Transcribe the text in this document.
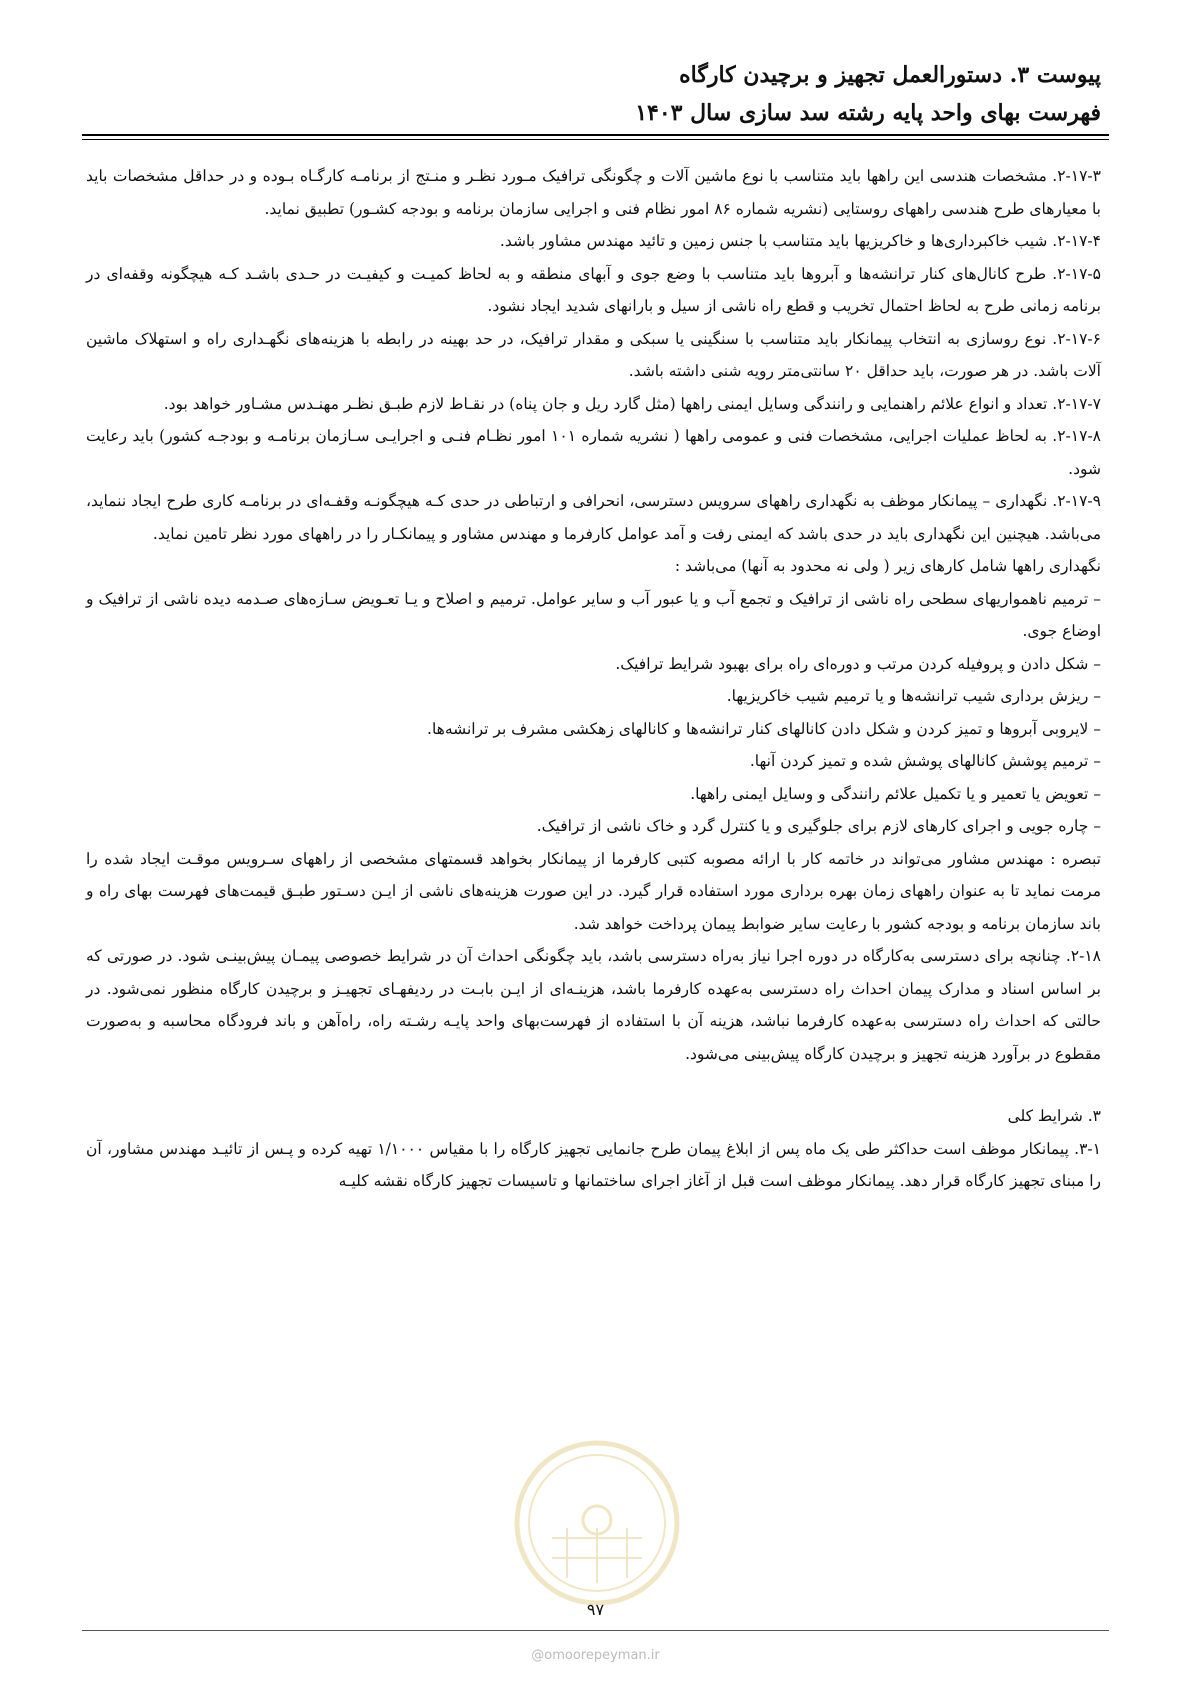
پیوست ۳. دستورالعمل تجهیز و برچیدن کارگاه
فهرست بهای واحد پایه رشته سد سازی سال ۱۴۰۳

۲-۱۷-۳. مشخصات هندسی این راهها باید متناسب با نوع ماشین آلات و چگونگی ترافیک مـورد نظـر و منـتج از برنامـه کارگـاه بـوده و در حداقل مشخصات باید با معیارهای طرح هندسی راههای روستایی (نشریه شماره ۸۶ امور نظام فنی و اجرایی سازمان برنامه و بودجه کشـور) تطبیق نماید.

۲-۱۷-۴. شیب خاکبرداری‌ها و خاکریزیها باید متناسب با جنس زمین و تائید مهندس مشاور باشد.

۲-۱۷-۵. طرح کانال‌های کنار ترانشه‌ها و آبروها باید متناسب با وضع جوی و آبهای منطقه و به لحاظ کمیـت و کیفیـت در حـدی باشـد کـه هیچگونه وقفه‌ای در برنامه زمانی طرح به لحاظ احتمال تخریب و قطع راه ناشی از سیل و بارانهای شدید ایجاد نشود.

۲-۱۷-۶. نوع روسازی به انتخاب پیمانکار باید متناسب با سنگینی یا سبکی و مقدار ترافیک، در حد بهینه در رابطه با هزینه‌های نگهـداری راه و استهلاک ماشین آلات باشد. در هر صورت، باید حداقل ۲۰ سانتی‌متر رویه شنی داشته باشد.

۲-۱۷-۷. تعداد و انواع علائم راهنمایی و رانندگی وسایل ایمنی راهها (مثل گارد ریل و جان پناه) در نقـاط لازم طبـق نظـر مهنـدس مشـاور خواهد بود.

۲-۱۷-۸. به لحاظ عملیات اجرایی، مشخصات فنی و عمومی راهها ( نشریه شماره ۱۰۱ امور نظـام فنـی و اجرایـی سـازمان برنامـه و بودجـه کشور) باید رعایت شود.

۲-۱۷-۹. نگهداری – پیمانکار موظف به نگهداری راههای سرویس دسترسی، انحرافی و ارتباطی در حدی کـه هیچگونـه وقفـه‌ای در برنامـه کاری طرح ایجاد ننماید، می‌باشد. هیچنین این نگهداری باید در حدی باشد که ایمنی رفت و آمد عوامل کارفرما و مهندس مشاور و پیمانکـار را در راههای مورد نظر تامین نماید.

نگهداری راهها شامل کارهای زیر ( ولی نه محدود به آنها) می‌باشد :

– ترمیم ناهمواریهای سطحی راه ناشی از ترافیک و تجمع آب و یا عبور آب و سایر عوامل. ترمیم و اصلاح و یـا تعـویض سـازه‌های صـدمه دیده ناشی از ترافیک و اوضاع جوی.

– شکل دادن و پروفیله کردن مرتب و دوره‌ای راه برای بهبود شرایط ترافیک.

– ریزش برداری شیب ترانشه‌ها و یا ترمیم شیب خاکریزیها.

– لایروبی آبروها و تمیز کردن و شکل دادن کانالهای کنار ترانشه‌ها و کانالهای زهکشی مشرف بر ترانشه‌ها.

– ترمیم پوشش کانالهای پوشش شده و تمیز کردن آنها.

– تعویض یا تعمیر و یا تکمیل علائم رانندگی و وسایل ایمنی راهها.

– چاره جویی و اجرای کارهای لازم برای جلوگیری و یا کنترل گرد و خاک ناشی از ترافیک.

تبصره : مهندس مشاور می‌تواند در خاتمه کار با ارائه مصوبه کتبی کارفرما از پیمانکار بخواهد قسمتهای مشخصی از راههای سـرویس موقـت ایجاد شده را مرمت نماید تا به عنوان راههای زمان بهره برداری مورد استفاده قرار گیرد. در این صورت هزینه‌های ناشی از ایـن دسـتور طبـق قیمت‌های فهرست بهای راه و باند سازمان برنامه و بودجه کشور با رعایت سایر ضوابط پیمان پرداخت خواهد شد.

۲-۱۸. چنانچه برای دسترسی به‌کارگاه در دوره اجرا نیاز به‌راه دسترسی باشد، باید چگونگی احداث آن در شرایط خصوصی پیمـان پیش‌بینـی شود. در صورتی که بر اساس اسناد و مدارک پیمان احداث راه دسترسی به‌عهده کارفرما باشد، هزینـه‌ای از ایـن بابـت در ردیفهـای تجهیـز و برچیدن کارگاه منظور نمی‌شود. در حالتی که احداث راه دسترسی به‌عهده کارفرما نباشد، هزینه آن با استفاده از فهرست‌بهای واحد پایـه رشـته راه، راه‌آهن و باند فرودگاه محاسبه و به‌صورت مقطوع در برآورد هزینه تجهیز و برچیدن کارگاه پیش‌بینی می‌شود.

۳. شرایط کلی

۳-۱. پیمانکار موظف است حداکثر طی یک ماه پس از ابلاغ پیمان طرح جانمایی تجهیز کارگاه را با مقیاس ۱/۱۰۰۰ تهیه کرده و پـس از تائیـد مهندس مشاور، آن را مبنای تجهیز کارگاه قرار دهد. پیمانکار موظف است قبل از آغاز اجرای ساختمانها و تاسیسات تجهیز کارگاه نقشه کلیـه

۹۷
@omoorepeyman.ir
